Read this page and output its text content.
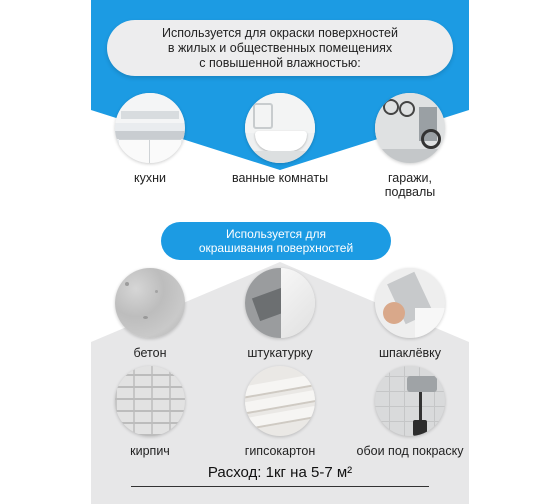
Используется для окраски поверхностей
в жилых и общественных помещениях
с повышенной влажностью:
кухни	ванные комнаты	гаражи,
подвалы
Используется для
окрашивания поверхностей
бетон	штукатурку	шпаклёвку
кирпич	гипсокартон	обои под покраску
Расход: 1кг на 5-7 м²
